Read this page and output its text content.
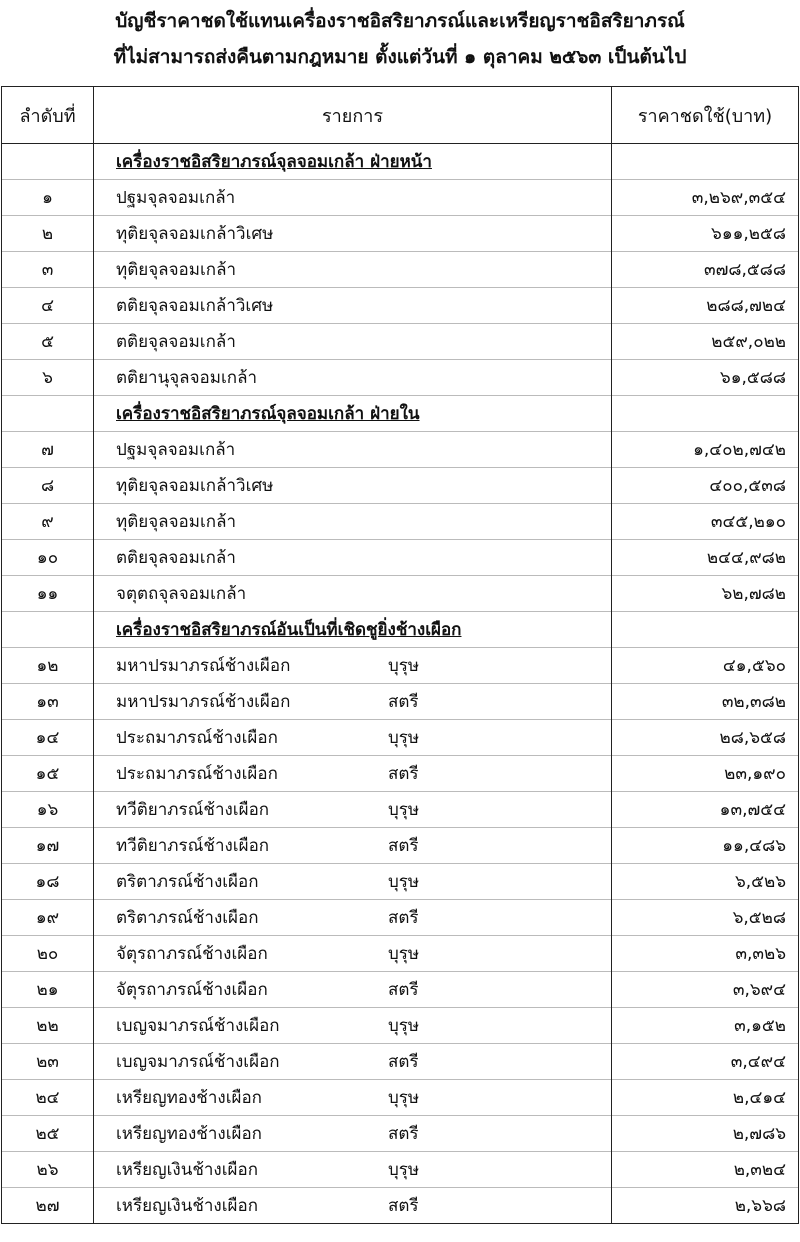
บัญชีราคาชดใช้แทนเครื่องราชอิสริยาภรณ์และเหรียญราชอิสริยาภรณ์
ที่ไม่สามารถส่งคืนตามกฎหมาย ตั้งแต่วันที่ ๑ ตุลาคม ๒๕๖๓ เป็นต้นไป
ลำดับที่	รายการ	ราคาชดใช้(บาท)
	เครื่องราชอิสริยาภรณ์จุลจอมเกล้า ฝ่ายหน้า	
๑	ปฐมจุลจอมเกล้า	๓,๒๖๙,๓๕๔
๒	ทุติยจุลจอมเกล้าวิเศษ	๖๑๑,๒๕๘
๓	ทุติยจุลจอมเกล้า	๓๗๘,๕๘๘
๔	ตติยจุลจอมเกล้าวิเศษ	๒๘๘,๗๒๔
๕	ตติยจุลจอมเกล้า	๒๕๙,๐๒๒
๖	ตติยานุจุลจอมเกล้า	๖๑,๕๘๘
	เครื่องราชอิสริยาภรณ์จุลจอมเกล้า ฝ่ายใน	
๗	ปฐมจุลจอมเกล้า	๑,๔๐๒,๗๔๒
๘	ทุติยจุลจอมเกล้าวิเศษ	๔๐๐,๕๓๘
๙	ทุติยจุลจอมเกล้า	๓๔๕,๒๑๐
๑๐	ตติยจุลจอมเกล้า	๒๔๔,๙๘๒
๑๑	จตุตถจุลจอมเกล้า	๖๒,๗๘๒
	เครื่องราชอิสริยาภรณ์อันเป็นที่เชิดชูยิ่งช้างเผือก	
๑๒	มหาปรมาภรณ์ช้างเผือก บุรุษ	๔๑,๕๖๐
๑๓	มหาปรมาภรณ์ช้างเผือก สตรี	๓๒,๓๘๒
๑๔	ประถมาภรณ์ช้างเผือก บุรุษ	๒๘,๖๕๘
๑๕	ประถมาภรณ์ช้างเผือก สตรี	๒๓,๑๙๐
๑๖	ทวีติยาภรณ์ช้างเผือก บุรุษ	๑๓,๗๕๔
๑๗	ทวีติยาภรณ์ช้างเผือก สตรี	๑๑,๔๘๖
๑๘	ตริตาภรณ์ช้างเผือก บุรุษ	๖,๕๒๖
๑๙	ตริตาภรณ์ช้างเผือก สตรี	๖,๕๒๘
๒๐	จัตุรถาภรณ์ช้างเผือก บุรุษ	๓,๓๒๖
๒๑	จัตุรถาภรณ์ช้างเผือก สตรี	๓,๖๙๔
๒๒	เบญจมาภรณ์ช้างเผือก บุรุษ	๓,๑๕๒
๒๓	เบญจมาภรณ์ช้างเผือก สตรี	๓,๔๙๔
๒๔	เหรียญทองช้างเผือก บุรุษ	๒,๔๑๔
๒๕	เหรียญทองช้างเผือก สตรี	๒,๗๘๖
๒๖	เหรียญเงินช้างเผือก บุรุษ	๒,๓๒๔
๒๗	เหรียญเงินช้างเผือก สตรี	๒,๖๖๘
